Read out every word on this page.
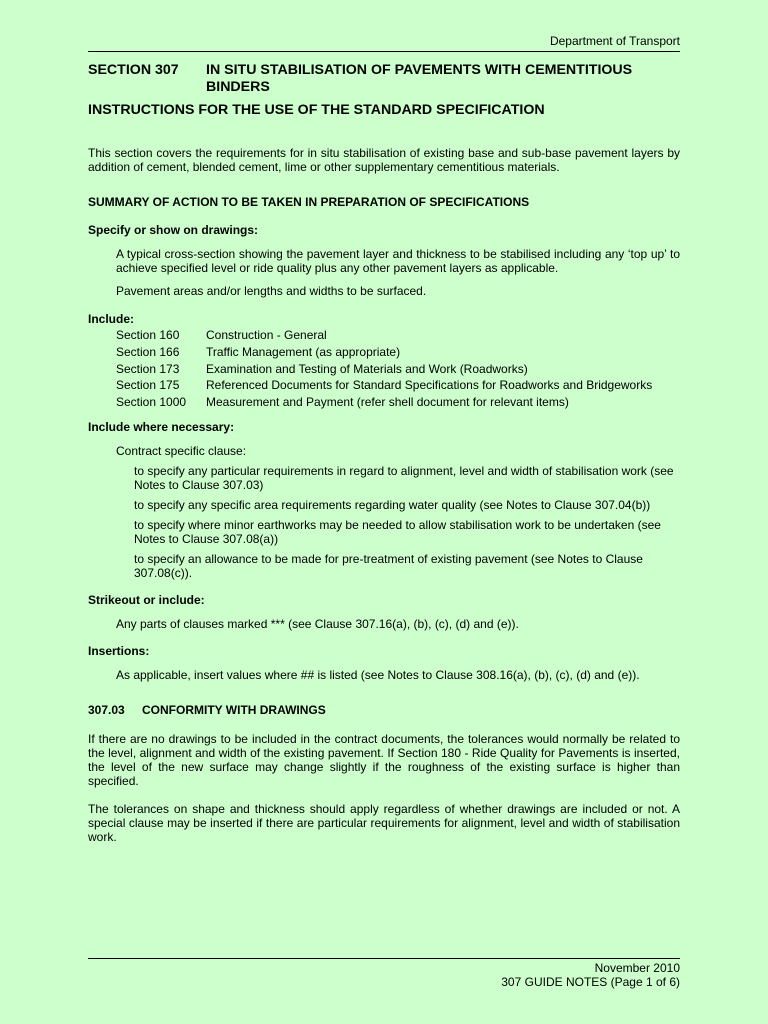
Department of Transport
SECTION 307	IN SITU STABILISATION OF PAVEMENTS WITH CEMENTITIOUS BINDERS
INSTRUCTIONS FOR THE USE OF THE STANDARD SPECIFICATION

This section covers the requirements for in situ stabilisation of existing base and sub-base pavement layers by addition of cement, blended cement, lime or other supplementary cementitious materials.

SUMMARY OF ACTION TO BE TAKEN IN PREPARATION OF SPECIFICATIONS

Specify or show on drawings:

A typical cross-section showing the pavement layer and thickness to be stabilised including any ‘top up’ to achieve specified level or ride quality plus any other pavement layers as applicable.

Pavement areas and/or lengths and widths to be surfaced.

Include:

Section 160	Construction - General
Section 166	Traffic Management (as appropriate)
Section 173	Examination and Testing of Materials and Work (Roadworks)
Section 175	Referenced Documents for Standard Specifications for Roadworks and Bridgeworks
Section 1000	Measurement and Payment (refer shell document for relevant items)

Include where necessary:

Contract specific clause:

to specify any particular requirements in regard to alignment, level and width of stabilisation work (see Notes to Clause 307.03)

to specify any specific area requirements regarding water quality (see Notes to Clause 307.04(b))

to specify where minor earthworks may be needed to allow stabilisation work to be undertaken (see Notes to Clause 307.08(a))

to specify an allowance to be made for pre-treatment of existing pavement (see Notes to Clause 307.08(c)).

Strikeout or include:

Any parts of clauses marked *** (see Clause 307.16(a), (b), (c), (d) and (e)).

Insertions:

As applicable, insert values where ## is listed (see Notes to Clause 308.16(a), (b), (c), (d) and (e)).

307.03	CONFORMITY WITH DRAWINGS

If there are no drawings to be included in the contract documents, the tolerances would normally be related to the level, alignment and width of the existing pavement. If Section 180 - Ride Quality for Pavements is inserted, the level of the new surface may change slightly if the roughness of the existing surface is higher than specified.

The tolerances on shape and thickness should apply regardless of whether drawings are included or not. A special clause may be inserted if there are particular requirements for alignment, level and width of stabilisation work.

November 2010
307 GUIDE NOTES (Page 1 of 6)
